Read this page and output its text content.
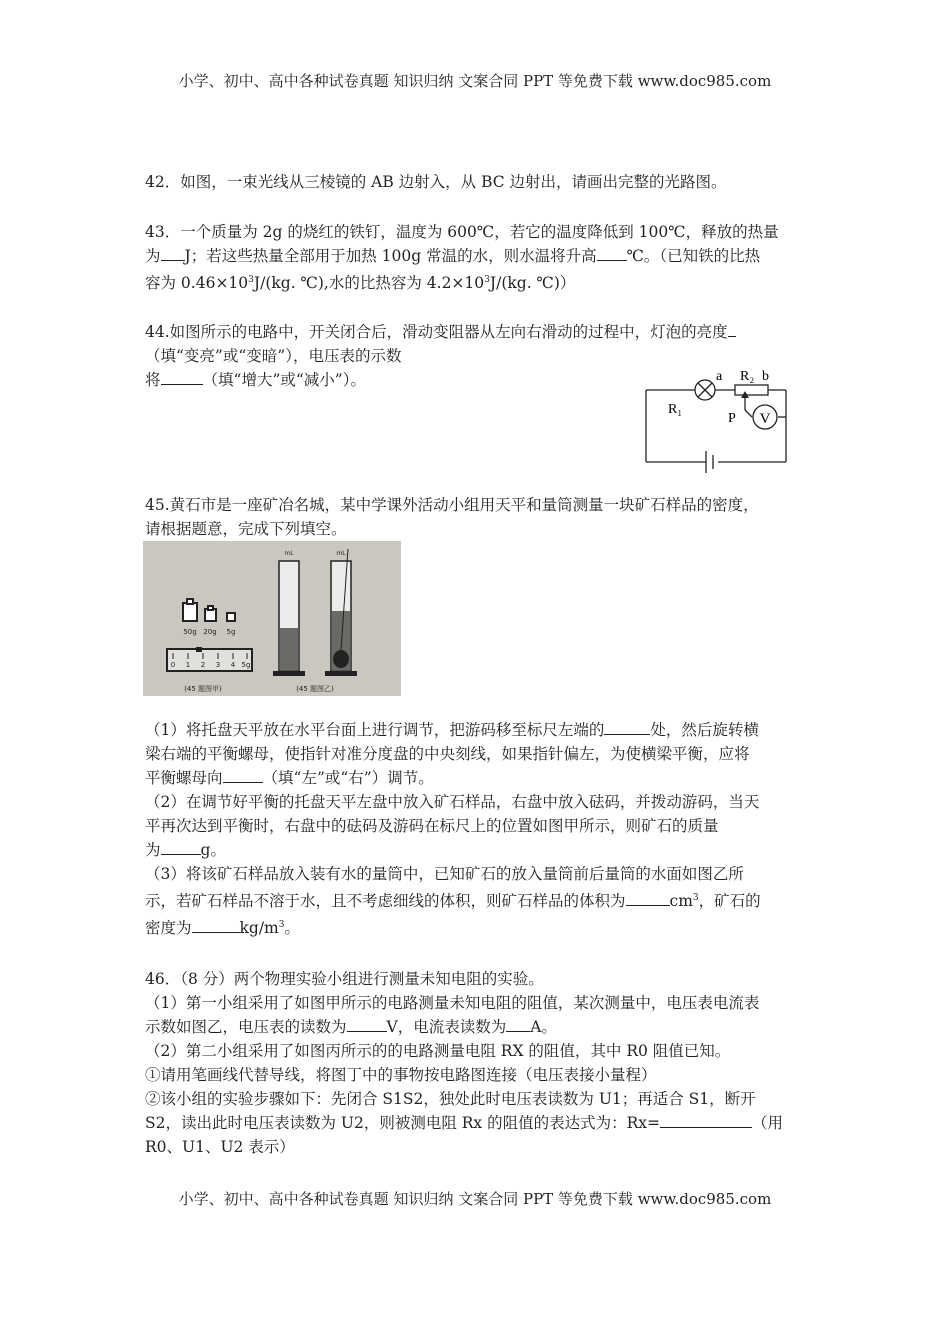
小学、初中、高中各种试卷真题 知识归纳 文案合同 PPT 等免费下载 www.doc985.com
42．如图，一束光线从三棱镜的 AB 边射入，从 BC 边射出，请画出完整的光路图。
43．一个质量为 2g 的烧红的铁钉，温度为 600℃，若它的温度降低到 100℃，释放的热量
为 J；若这些热量全部用于加热 100g 常温的水，则水温将升高 ℃。（已知铁的比热
容为 $0.46\times 10^3J/(kg$. ℃),水的比热容为 $4.2\times 10^3J/(kg$. ℃)）
44.如图所示的电路中，开关闭合后，滑动变阻器从左向右滑动的过程中，灯泡的亮度
（填“变亮”或“变暗”），电压表的示数
将	（填“增大”或“减小”）。
V
a R₂ b
R₁
P
45.黄石市是一座矿冶名城，某中学课外活动小组用天平和量筒测量一块矿石样品的密度，
请根据题意，完成下列填空。
50g 20g 5g
0 1 2 3 4 5g
(45 题图甲)
mL	mL
(45 题图乙)
（1）将托盘天平放在水平台面上进行调节，把游码移至标尺左端的	处，然后旋转横
梁右端的平衡螺母，使指针对准分度盘的中央刻线，如果指针偏左，为使横梁平衡，应将
平衡螺母向	（填“左”或“右”）调节。
（2）在调节好平衡的托盘天平左盘中放入矿石样品，右盘中放入砝码，并拨动游码，当天
平再次达到平衡时，右盘中的砝码及游码在标尺上的位置如图甲所示，则矿石的质量
为	g。
（3）将该矿石样品放入装有水的量筒中，已知矿石的放入量筒前后量筒的水面如图乙所
示，若矿石样品不溶于水，且不考虑细线的体积，则矿石样品的体积为	$cm^3$，矿石的
密度为	$kg/m^3$。
46．（8 分）两个物理实验小组进行测量未知电阻的实验。
（1）第一小组采用了如图甲所示的电路测量未知电阻的阻值，某次测量中，电压表电流表
示数如图乙，电压表的读数为	V，电流表读数为 A。
（2）第二小组采用了如图丙所示的的电路测量电阻 RX 的阻值，其中 R0 阻值已知。
①请用笔画线代替导线，将图丁中的事物按电路图连接（电压表接小量程）
②该小组的实验步骤如下：先闭合 S1S2，独处此时电压表读数为 U1；再适合 S1，断开
S2，读出此时电压表读数为 U2，则被测电阻 Rx 的阻值的表达式为：Rx=	（用
R0、U1、U2 表示）
小学、初中、高中各种试卷真题 知识归纳 文案合同 PPT 等免费下载 www.doc985.com
